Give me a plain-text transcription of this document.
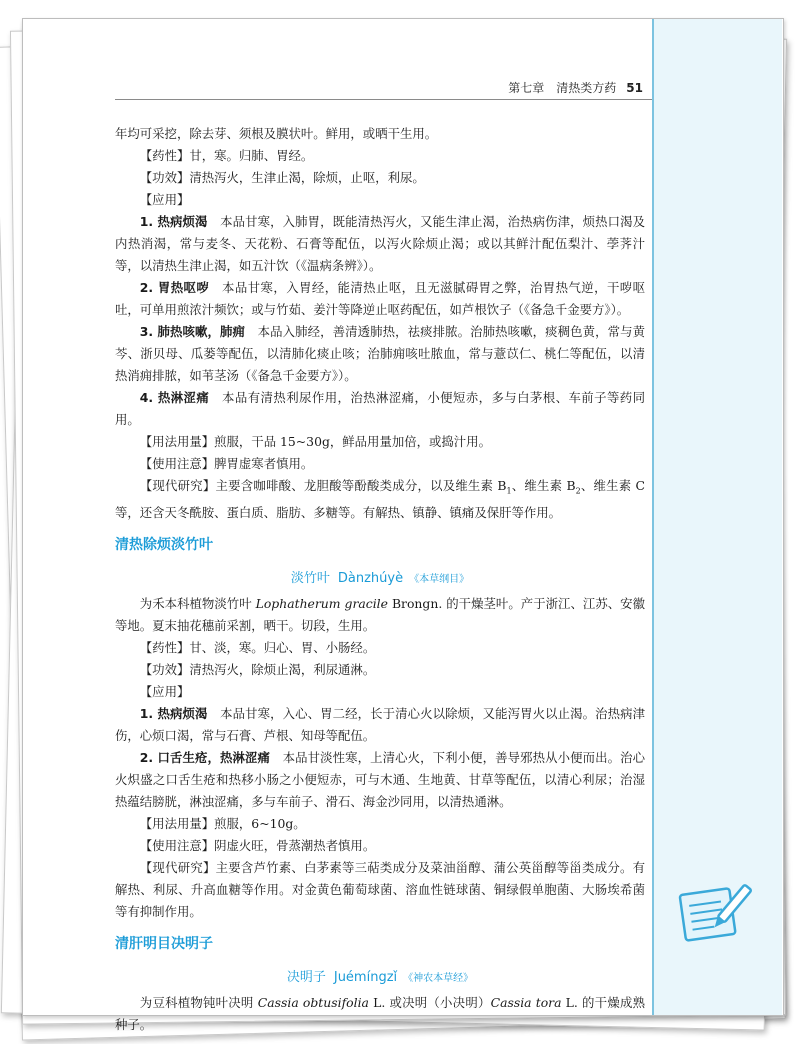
第七章　清热类方药 51

年均可采挖，除去芽、须根及膜状叶。鲜用，或晒干生用。

【药性】甘，寒。归肺、胃经。

【功效】清热泻火，生津止渴，除烦，止呕，利尿。

【应用】

1. 热病烦渴　 本品甘寒，入肺胃，既能清热泻火，又能生津止渴，治热病伤津，烦热口渴及内热消渴，常与麦冬、天花粉、石膏等配伍，以泻火除烦止渴；或以其鲜汁配伍梨汁、荸荠汁等，以清热生津止渴，如五汁饮（《温病条辨》）。

2. 胃热呕哕　 本品甘寒，入胃经，能清热止呕，且无滋腻碍胃之弊，治胃热气逆，干哕呕吐，可单用煎浓汁频饮；或与竹茹、姜汁等降逆止呕药配伍，如芦根饮子（《备急千金要方》）。

3. 肺热咳嗽，肺痈　 本品入肺经，善清透肺热，祛痰排脓。治肺热咳嗽，痰稠色黄，常与黄芩、浙贝母、瓜蒌等配伍，以清肺化痰止咳；治肺痈咳吐脓血，常与薏苡仁、桃仁等配伍，以清热消痈排脓，如苇茎汤（《备急千金要方》）。

4. 热淋涩痛　 本品有清热利尿作用，治热淋涩痛，小便短赤，多与白茅根、车前子等药同用。

【用法用量】煎服，干品 15~30g，鲜品用量加倍，或捣汁用。

【使用注意】脾胃虚寒者慎用。

【现代研究】主要含咖啡酸、龙胆酸等酚酸类成分，以及维生素 $B_1$、维生素 $B_2$、维生素 C 等，还含天冬酰胺、蛋白质、脂肪、多糖等。有解热、镇静、镇痛及保肝等作用。

清热除烦淡竹叶

淡竹叶 Dànzhúyè 《本草纲目》

为禾本科植物淡竹叶 Lophatherum gracile Brongn. 的干燥茎叶。产于浙江、江苏、安徽等地。夏末抽花穗前采割，晒干。切段，生用。

【药性】甘、淡，寒。归心、胃、小肠经。

【功效】清热泻火，除烦止渴，利尿通淋。

【应用】

1. 热病烦渴　 本品甘寒，入心、胃二经，长于清心火以除烦，又能泻胃火以止渴。治热病津伤，心烦口渴，常与石膏、芦根、知母等配伍。

2. 口舌生疮，热淋涩痛　 本品甘淡性寒，上清心火，下利小便，善导邪热从小便而出。治心火炽盛之口舌生疮和热移小肠之小便短赤，可与木通、生地黄、甘草等配伍，以清心利尿；治湿热蕴结膀胱，淋浊涩痛，多与车前子、滑石、海金沙同用，以清热通淋。

【用法用量】煎服，6~10g。

【使用注意】阴虚火旺，骨蒸潮热者慎用。

【现代研究】主要含芦竹素、白茅素等三萜类成分及菜油甾醇、蒲公英甾醇等甾类成分。有解热、利尿、升高血糖等作用。对金黄色葡萄球菌、溶血性链球菌、铜绿假单胞菌、大肠埃希菌等有抑制作用。

清肝明目决明子

决明子 Juémíngzǐ 《神农本草经》

为豆科植物钝叶决明 Cassia obtusifolia L. 或决明（小决明）Cassia tora L. 的干燥成熟种子。
